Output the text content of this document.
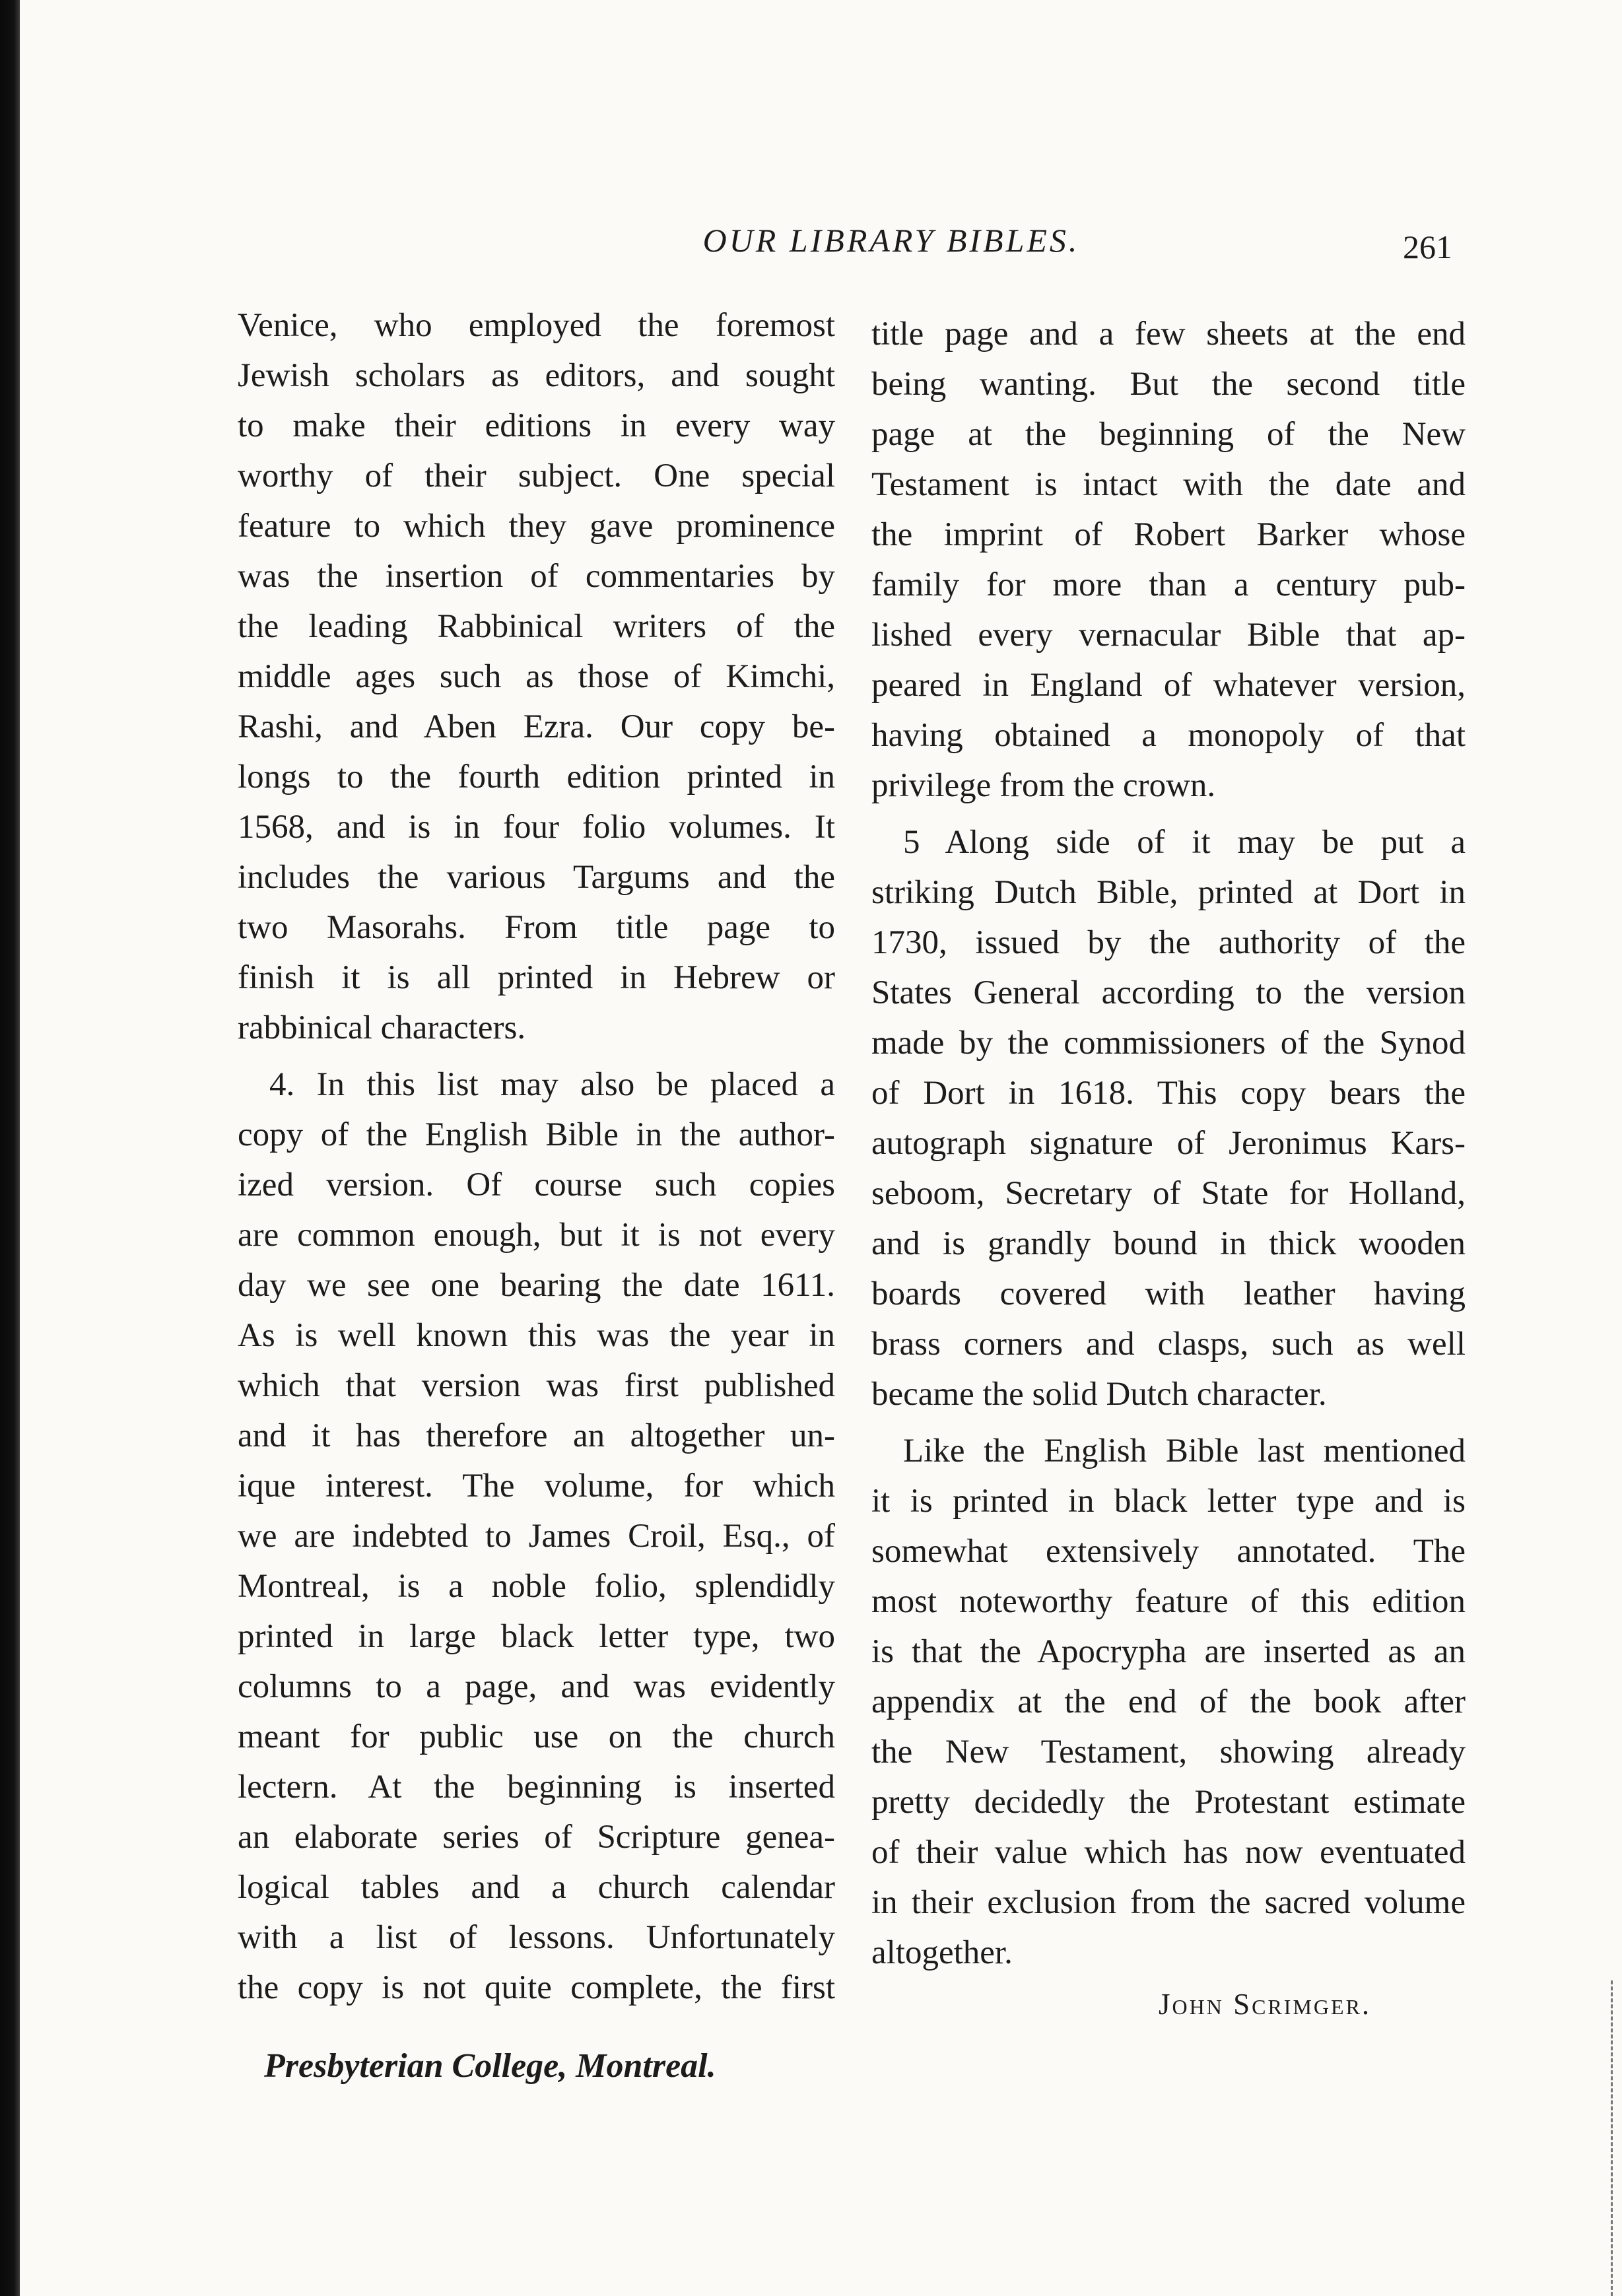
OUR LIBRARY BIBLES.	261
Venice, who employed the foremost
Jewish scholars as editors, and sought
to make their editions in every way
worthy of their subject. One special
feature to which they gave prominence
was the insertion of commentaries by
the leading Rabbinical writers of the
middle ages such as those of Kimchi,
Rashi, and Aben Ezra. Our copy be-
longs to the fourth edition printed in
1568, and is in four folio volumes. It
includes the various Targums and the
two Masorahs. From title page to
finish it is all printed in Hebrew or
rabbinical characters.
4. In this list may also be placed a
copy of the English Bible in the author-
ized version. Of course such copies
are common enough, but it is not every
day we see one bearing the date 1611.
As is well known this was the year in
which that version was first published
and it has therefore an altogether un-
ique interest. The volume, for which
we are indebted to James Croil, Esq., of
Montreal, is a noble folio, splendidly
printed in large black letter type, two
columns to a page, and was evidently
meant for public use on the church
lectern. At the beginning is inserted
an elaborate series of Scripture genea-
logical tables and a church calendar
with a list of lessons. Unfortunately
the copy is not quite complete, the first
title page and a few sheets at the end
being wanting. But the second title
page at the beginning of the New
Testament is intact with the date and
the imprint of Robert Barker whose
family for more than a century pub-
lished every vernacular Bible that ap-
peared in England of whatever version,
having obtained a monopoly of that
privilege from the crown.
5 Along side of it may be put a
striking Dutch Bible, printed at Dort in
1730, issued by the authority of the
States General according to the version
made by the commissioners of the Synod
of Dort in 1618. This copy bears the
autograph signature of Jeronimus Kars-
seboom, Secretary of State for Holland,
and is grandly bound in thick wooden
boards covered with leather having
brass corners and clasps, such as well
became the solid Dutch character.
Like the English Bible last mentioned
it is printed in black letter type and is
somewhat extensively annotated. The
most noteworthy feature of this edition
is that the Apocrypha are inserted as an
appendix at the end of the book after
the New Testament, showing already
pretty decidedly the Protestant estimate
of their value which has now eventuated
in their exclusion from the sacred volume
altogether.
John Scrimger.
Presbyterian College, Montreal.
